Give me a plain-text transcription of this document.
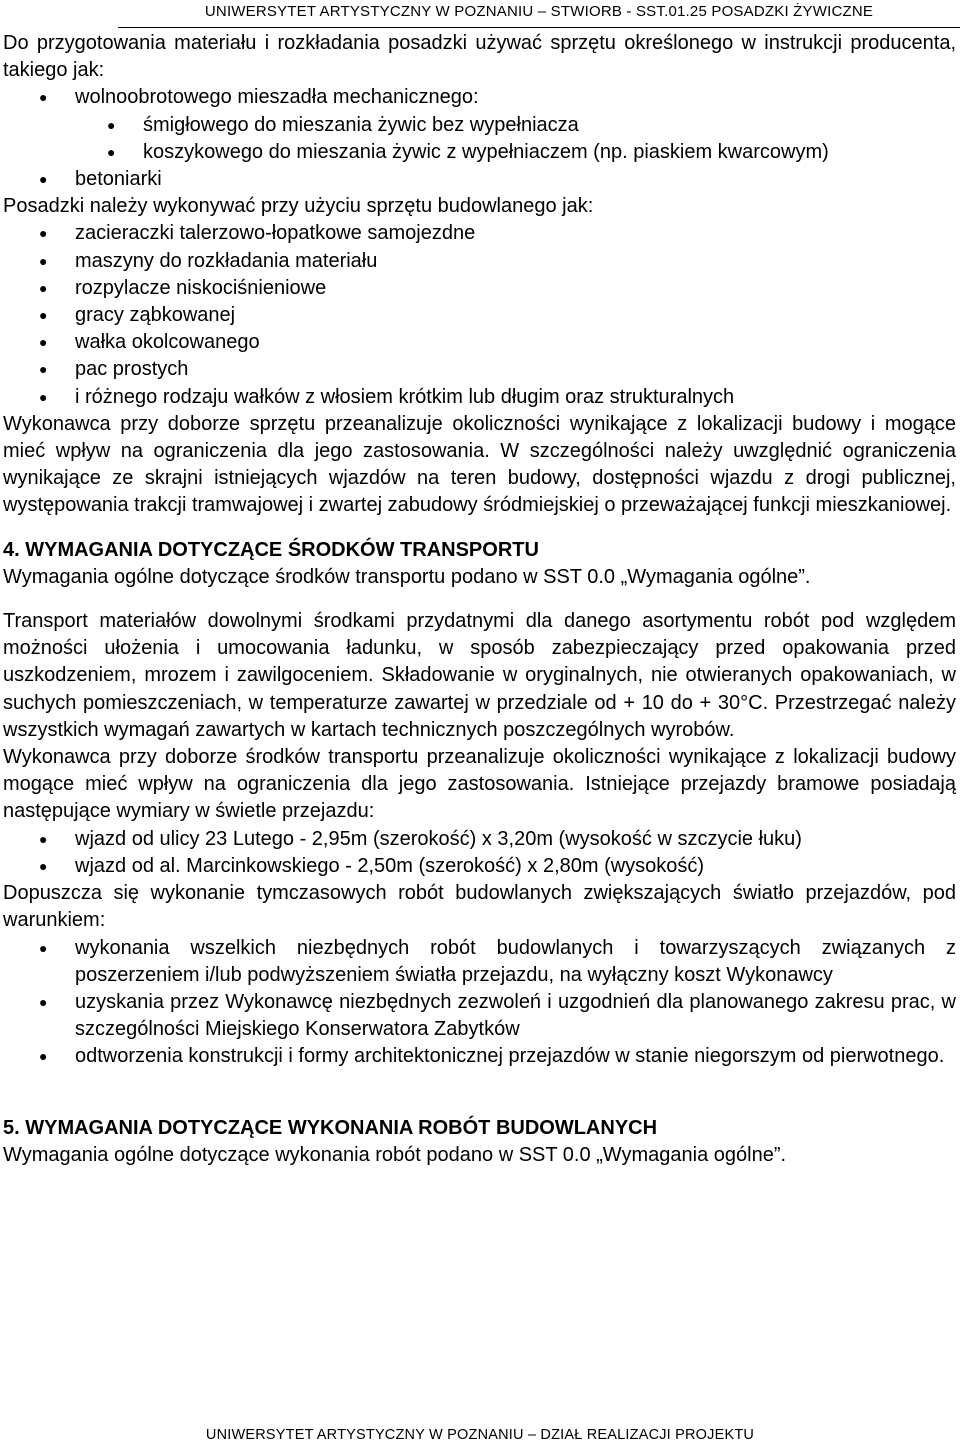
UNIWERSYTET ARTYSTYCZNY W POZNANIU – STWIORB - SST.01.25 POSADZKI ŻYWICZNE

Do przygotowania materiału i rozkładania posadzki używać sprzętu określonego w instrukcji producenta, takiego jak:

● wolnoobrotowego mieszadła mechanicznego:
● śmigłowego do mieszania żywic bez wypełniacza
● koszykowego do mieszania żywic z wypełniaczem (np. piaskiem kwarcowym)
● betoniarki

Posadzki należy wykonywać przy użyciu sprzętu budowlanego jak:

● zacieraczki talerzowo-łopatkowe samojezdne
● maszyny do rozkładania materiału
● rozpylacze niskociśnieniowe
● gracy ząbkowanej
● wałka okolcowanego
● pac prostych
● i różnego rodzaju wałków z włosiem krótkim lub długim oraz strukturalnych

Wykonawca przy doborze sprzętu przeanalizuje okoliczności wynikające z lokalizacji budowy i mogące mieć wpływ na ograniczenia dla jego zastosowania. W szczególności należy uwzględnić ograniczenia wynikające ze skrajni istniejących wjazdów na teren budowy, dostępności wjazdu z drogi publicznej, występowania trakcji tramwajowej i zwartej zabudowy śródmiejskiej o przeważającej funkcji mieszkaniowej.

4. WYMAGANIA DOTYCZĄCE ŚRODKÓW TRANSPORTU

Wymagania ogólne dotyczące środków transportu podano w SST 0.0 „Wymagania ogólne”.

Transport materiałów dowolnymi środkami przydatnymi dla danego asortymentu robót pod względem możności ułożenia i umocowania ładunku, w sposób zabezpieczający przed opakowania przed uszkodzeniem, mrozem i zawilgoceniem. Składowanie w oryginalnych, nie otwieranych opakowaniach, w suchych pomieszczeniach, w temperaturze zawartej w przedziale od + 10 do + 30°C. Przestrzegać należy wszystkich wymagań zawartych w kartach technicznych poszczególnych wyrobów.

Wykonawca przy doborze środków transportu przeanalizuje okoliczności wynikające z lokalizacji budowy mogące mieć wpływ na ograniczenia dla jego zastosowania. Istniejące przejazdy bramowe posiadają następujące wymiary w świetle przejazdu:

● wjazd od ulicy 23 Lutego - 2,95m (szerokość) x 3,20m (wysokość w szczycie łuku)
● wjazd od al. Marcinkowskiego - 2,50m (szerokość) x 2,80m (wysokość)

Dopuszcza się wykonanie tymczasowych robót budowlanych zwiększających światło przejazdów, pod warunkiem:

● wykonania wszelkich niezbędnych robót budowlanych i towarzyszących związanych z poszerzeniem i/lub podwyższeniem światła przejazdu, na wyłączny koszt Wykonawcy
● uzyskania przez Wykonawcę niezbędnych zezwoleń i uzgodnień dla planowanego zakresu prac, w szczególności Miejskiego Konserwatora Zabytków
● odtworzenia konstrukcji i formy architektonicznej przejazdów w stanie niegorszym od pierwotnego.

5. WYMAGANIA DOTYCZĄCE WYKONANIA ROBÓT BUDOWLANYCH

Wymagania ogólne dotyczące wykonania robót podano w SST 0.0 „Wymagania ogólne”.

UNIWERSYTET ARTYSTYCZNY W POZNANIU – DZIAŁ REALIZACJI PROJEKTU
